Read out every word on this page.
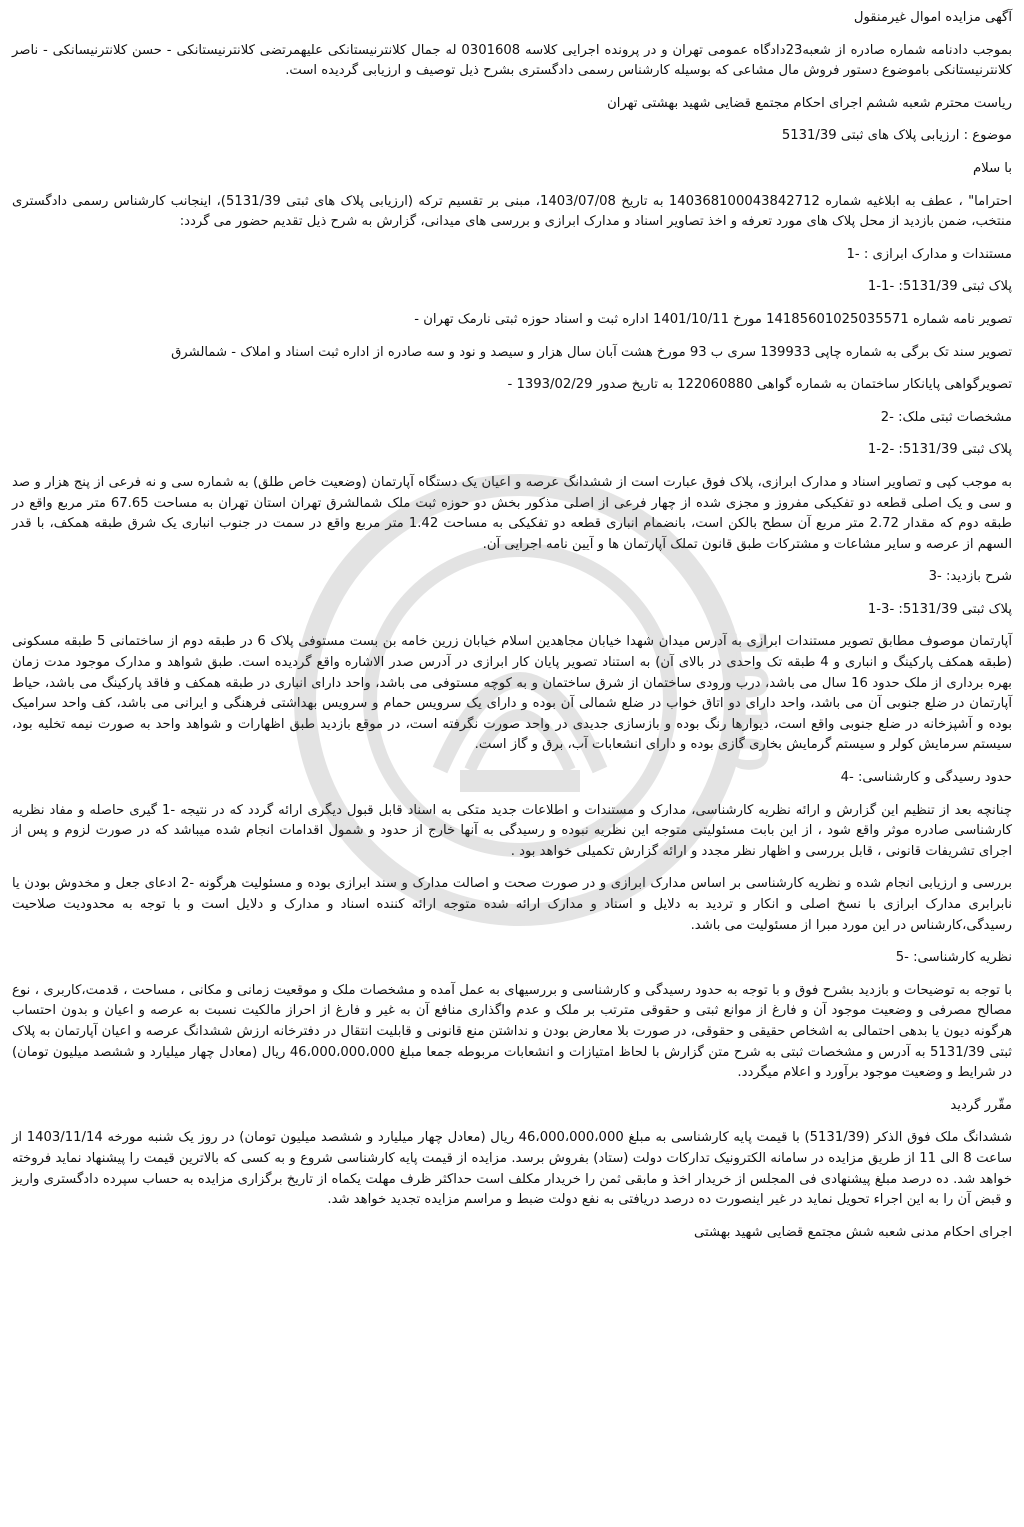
1010

آگهی مزایده اموال غیرمنقول

بموجب دادنامه شماره صادره از شعبه23دادگاه عمومی تهران و در پرونده اجرایی کلاسه 0301608 له جمال کلانترنیستانکی علیهمرتضی کلانترنیستانکی - حسن کلانترنیسانکی - ناصر کلانترنیستانکی باموضوع دستور فروش مال مشاعی که بوسیله کارشناس رسمی دادگستری بشرح ذیل توصیف و ارزیابی گردیده است.

ریاست محترم شعبه ششم اجرای احکام مجتمع قضایی شهید بهشتی تهران

موضوع : ارزیابی پلاک های ثبتی 5131/39

با سلام

احتراما" ، عطف به ابلاغیه شماره 140368100043842712 به تاریخ 1403/07/08، مبنی بر تقسیم ترکه (ارزیابی پلاک های ثبتی 5131/39)، اینجانب کارشناس رسمی دادگستری منتخب، ضمن بازدید از محل پلاک های مورد تعرفه و اخذ تصاویر اسناد و مدارک ابرازی و بررسی های میدانی، گزارش به شرح ذیل تقدیم حضور می گردد:

مستندات و مدارک ابرازی : -1

پلاک ثبتی 5131/39: -1-1

تصویر نامه شماره 14185601025035571 مورخ 1401/10/11 اداره ثبت و اسناد حوزه ثبتی نارمک تهران -

تصویر سند تک برگی به شماره چاپی 139933 سری ب 93 مورخ هشت آبان سال هزار و سیصد و نود و سه صادره از اداره ثبت اسناد و املاک - شمالشرق

تصویرگواهی پایانکار ساختمان به شماره گواهی 122060880 به تاریخ صدور 1393/02/29 -

مشخصات ثبتی ملک: -2

پلاک ثبتی 5131/39: -2-1

به موجب کپی و تصاویر اسناد و مدارک ابرازی، پلاک فوق عبارت است از ششدانگ عرصه و اعیان یک دستگاه آپارتمان (وضعیت خاص طلق) به شماره سی و نه فرعی از پنج هزار و صد و سی و یک اصلی قطعه دو تفکیکی مفروز و مجزی شده از چهار فرعی از اصلی مذکور بخش دو حوزه ثبت ملک شمالشرق تهران استان تهران به مساحت 67.65 متر مربع واقع در طبقه دوم که مقدار 2.72 متر مربع آن سطح بالکن است، بانضمام انباری قطعه دو تفکیکی به مساحت 1.42 متر مربع واقع در سمت در جنوب انباری یک شرق طبقه همکف، با قدر السهم از عرصه و سایر مشاعات و مشترکات طبق قانون تملک آپارتمان ها و آیین نامه اجرایی آن.

شرح بازدید: -3

پلاک ثبتی 5131/39: -3-1

آپارتمان موصوف مطابق تصویر مستندات ابرازی به آدرس میدان شهدا خیابان مجاهدین اسلام خیابان زرین خامه بن بست مستوفی پلاک 6 در طبقه دوم از ساختمانی 5 طبقه مسکونی (طبقه همکف پارکینگ و انباری و 4 طبقه تک واحدی در بالای آن) به استناد تصویر پایان کار ابرازی در آدرس صدر الاشاره واقع گردیده است. طبق شواهد و مدارک موجود مدت زمان بهره برداری از ملک حدود 16 سال می باشد، درب ورودی ساختمان از شرق ساختمان و به کوچه مستوفی می باشد، واحد دارای انباری در طبقه همکف و فاقد پارکینگ می باشد، حیاط آپارتمان در ضلع جنوبی آن می باشد، واحد دارای دو اتاق خواب در ضلع شمالی آن بوده و دارای یک سرویس حمام و سرویس بهداشتی فرهنگی و ایرانی می باشد، کف واحد سرامیک بوده و آشپزخانه در ضلع جنوبی واقع است، دیوارها رنگ بوده و بازسازی جدیدی در واحد صورت نگرفته است، در موقع بازدید طبق اظهارات و شواهد واحد به صورت نیمه تخلیه بود، سیستم سرمایش کولر و سیستم گرمایش بخاری گازی بوده و دارای انشعابات آب، برق و گاز است.

حدود رسیدگی و کارشناسی: -4

چنانچه بعد از تنظیم این گزارش و ارائه نظریه کارشناسی، مدارک و مستندات و اطلاعات جدید متکی به اسناد قابل قبول دیگری ارائه گردد که در نتیجه -1 گیری حاصله و مفاد نظریه کارشناسی صادره موثر واقع شود ، از این بابت مسئولیتی متوجه این نظریه نبوده و رسیدگی به آنها خارج از حدود و شمول اقدامات انجام شده میباشد که در صورت لزوم و پس از اجرای تشریفات قانونی ، قابل بررسی و اظهار نظر مجدد و ارائه گزارش تکمیلی خواهد بود .

بررسی و ارزیابی انجام شده و نظریه کارشناسی بر اساس مدارک ابرازی و در صورت صحت و اصالت مدارک و سند ابرازی بوده و مسئولیت هرگونه -2 ادعای جعل و مخدوش بودن یا نابرابری مدارک ابرازی با نسخ اصلی و انکار و تردید به دلایل و اسناد و مدارک ارائه شده متوجه ارائه کننده اسناد و مدارک و دلایل است و با توجه به محدودیت صلاحیت رسیدگی،کارشناس در این مورد مبرا از مسئولیت می باشد.

نظریه کارشناسی: -5

با توجه به توضیحات و بازدید بشرح فوق و با توجه به حدود رسیدگی و کارشناسی و بررسیهای به عمل آمده و مشخصات ملک و موقعیت زمانی و مکانی ، مساحت ، قدمت،کاربری ، نوع مصالح مصرفی و وضعیت موجود آن و فارغ از موانع ثبتی و حقوقی مترتب بر ملک و عدم واگذاری منافع آن به غیر و فارغ از احراز مالکیت نسبت به عرصه و اعیان و بدون احتساب هرگونه دیون یا بدهی احتمالی به اشخاص حقیقی و حقوقی، در صورت بلا معارض بودن و نداشتن منع قانونی و قابلیت انتقال در دفترخانه ارزش ششدانگ عرصه و اعیان آپارتمان به پلاک ثبتی 5131/39 به آدرس و مشخصات ثبتی به شرح متن گزارش با لحاظ امتیازات و انشعابات مربوطه جمعا مبلغ 46،000،000،000 ریال (معادل چهار میلیارد و ششصد میلیون تومان) در شرایط و وضعیت موجود برآورد و اعلام میگردد.

مقّرر گردید

ششدانگ ملک فوق الذکر (5131/39) با قیمت پایه کارشناسی به مبلغ 46،000،000،000 ریال (معادل چهار میلیارد و ششصد میلیون تومان) در روز یک شنبه مورخه 1403/11/14 از ساعت 8 الی 11 از طریق مزایده در سامانه الکترونیک تدارکات دولت (ستاد) بفروش برسد. مزایده از قیمت پایه کارشناسی شروع و به کسی که بالاترین قیمت را پیشنهاد نماید فروخته خواهد شد. ده درصد مبلغ پیشنهادی فی المجلس از خریدار اخذ و مابقی ثمن را خریدار مکلف است حداکثر ظرف مهلت یکماه از تاریخ برگزاری مزایده به حساب سپرده دادگستری واریز و قبض آن را به این اجراء تحویل نماید در غیر اینصورت ده درصد دریافتی به نفع دولت ضبط و مراسم مزایده تجدید خواهد شد.

اجرای احکام مدنی شعبه شش مجتمع قضایی شهید بهشتی
